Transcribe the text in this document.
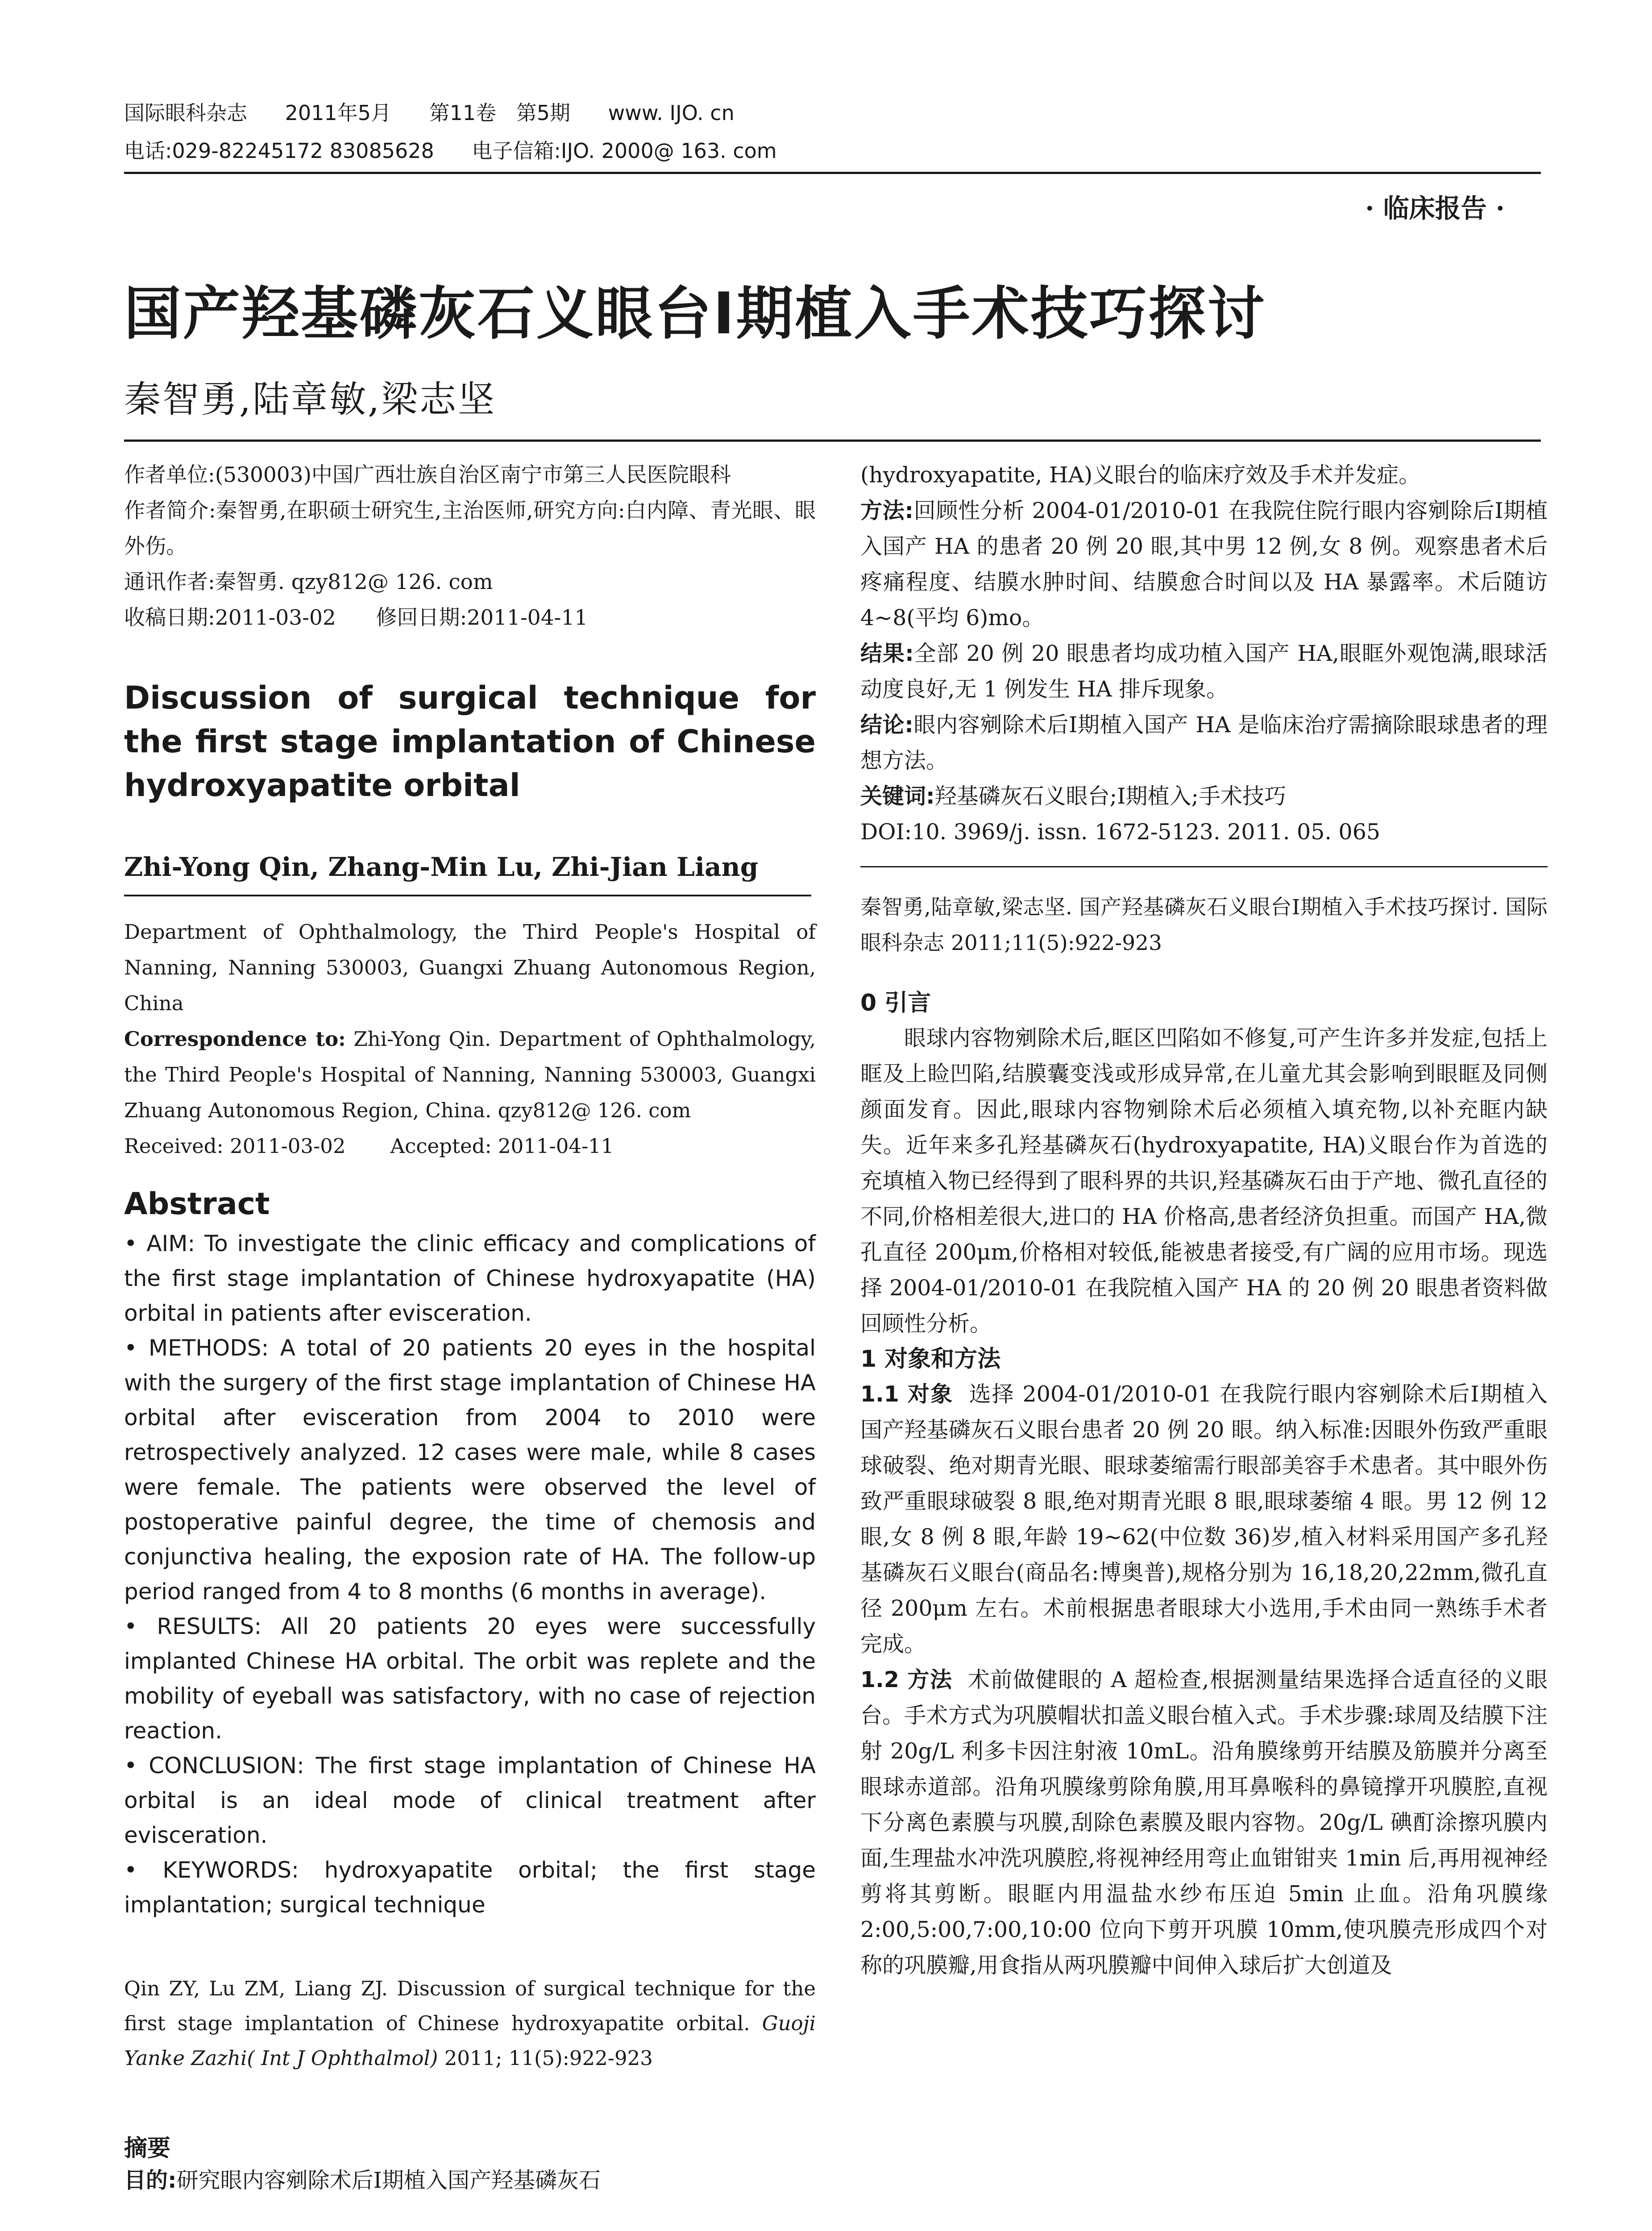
国际眼科杂志 2011年5月 第11卷 第5期 www. IJO. cn
电话:029-82245172 83085628 电子信箱:IJO. 2000@ 163. com
· 临床报告 ·
国产羟基磷灰石义眼台Ⅰ期植入手术技巧探讨
秦智勇,陆章敏,梁志坚

作者单位:(530003)中国广西壮族自治区南宁市第三人民医院眼科

作者简介:秦智勇,在职硕士研究生,主治医师,研究方向:白内障、青光眼、眼外伤。

通讯作者:秦智勇. qzy812@ 126. com

收稿日期:2011-03-02      修回日期:2011-04-11

Discussion of surgical technique for the first stage implantation of Chinese hydroxyapatite orbital

Zhi-Yong Qin, Zhang-Min Lu, Zhi-Jian Liang

Department of Ophthalmology, the Third People's Hospital of Nanning, Nanning 530003, Guangxi Zhuang Autonomous Region, China
Correspondence to: Zhi-Yong Qin. Department of Ophthalmology, the Third People's Hospital of Nanning, Nanning 530003, Guangxi Zhuang Autonomous Region, China. qzy812@ 126. com
Received: 2011-03-02       Accepted: 2011-04-11

Abstract

• AIM: To investigate the clinic efficacy and complications of the first stage implantation of Chinese hydroxyapatite (HA) orbital in patients after evisceration.

• METHODS: A total of 20 patients 20 eyes in the hospital with the surgery of the first stage implantation of Chinese HA orbital after evisceration from 2004 to 2010 were retrospectively analyzed. 12 cases were male, while 8 cases were female. The patients were observed the level of postoperative painful degree, the time of chemosis and conjunctiva healing, the exposion rate of HA. The follow-up period ranged from 4 to 8 months (6 months in average).

• RESULTS: All 20 patients 20 eyes were successfully implanted Chinese HA orbital. The orbit was replete and the mobility of eyeball was satisfactory, with no case of rejection reaction.

• CONCLUSION: The first stage implantation of Chinese HA orbital is an ideal mode of clinical treatment after evisceration.

• KEYWORDS: hydroxyapatite orbital; the first stage implantation; surgical technique

Qin ZY, Lu ZM, Liang ZJ. Discussion of surgical technique for the first stage implantation of Chinese hydroxyapatite orbital. Guoji Yanke Zazhi( Int J Ophthalmol) 2011; 11(5):922-923

摘要

目的:研究眼内容剜除术后Ⅰ期植入国产羟基磷灰石

(hydroxyapatite, HA)义眼台的临床疗效及手术并发症。

方法:回顾性分析 2004-01/2010-01 在我院住院行眼内容剜除后Ⅰ期植入国产 HA 的患者 20 例 20 眼,其中男 12 例,女 8 例。观察患者术后疼痛程度、结膜水肿时间、结膜愈合时间以及 HA 暴露率。术后随访 4~8(平均 6)mo。

结果:全部 20 例 20 眼患者均成功植入国产 HA,眼眶外观饱满,眼球活动度良好,无 1 例发生 HA 排斥现象。

结论:眼内容剜除术后Ⅰ期植入国产 HA 是临床治疗需摘除眼球患者的理想方法。

关键词:羟基磷灰石义眼台;Ⅰ期植入;手术技巧

DOI:10. 3969/j. issn. 1672-5123. 2011. 05. 065

秦智勇,陆章敏,梁志坚. 国产羟基磷灰石义眼台Ⅰ期植入手术技巧探讨. 国际眼科杂志 2011;11(5):922-923

0 引言

眼球内容物剜除术后,眶区凹陷如不修复,可产生许多并发症,包括上眶及上睑凹陷,结膜囊变浅或形成异常,在儿童尤其会影响到眼眶及同侧颜面发育。因此,眼球内容物剜除术后必须植入填充物,以补充眶内缺失。近年来多孔羟基磷灰石(hydroxyapatite, HA)义眼台作为首选的充填植入物已经得到了眼科界的共识,羟基磷灰石由于产地、微孔直径的不同,价格相差很大,进口的 HA 价格高,患者经济负担重。而国产 HA,微孔直径 200μm,价格相对较低,能被患者接受,有广阔的应用市场。现选择 2004-01/2010-01 在我院植入国产 HA 的 20 例 20 眼患者资料做回顾性分析。

1 对象和方法

1.1 对象  选择 2004-01/2010-01 在我院行眼内容剜除术后Ⅰ期植入国产羟基磷灰石义眼台患者 20 例 20 眼。纳入标准:因眼外伤致严重眼球破裂、绝对期青光眼、眼球萎缩需行眼部美容手术患者。其中眼外伤致严重眼球破裂 8 眼,绝对期青光眼 8 眼,眼球萎缩 4 眼。男 12 例 12 眼,女 8 例 8 眼,年龄 19~62(中位数 36)岁,植入材料采用国产多孔羟基磷灰石义眼台(商品名:博奥普),规格分别为 16,18,20,22mm,微孔直径 200μm 左右。术前根据患者眼球大小选用,手术由同一熟练手术者完成。

1.2 方法  术前做健眼的 A 超检查,根据测量结果选择合适直径的义眼台。手术方式为巩膜帽状扣盖义眼台植入式。手术步骤:球周及结膜下注射 20g/L 利多卡因注射液 10mL。沿角膜缘剪开结膜及筋膜并分离至眼球赤道部。沿角巩膜缘剪除角膜,用耳鼻喉科的鼻镜撑开巩膜腔,直视下分离色素膜与巩膜,刮除色素膜及眼内容物。20g/L 碘酊涂擦巩膜内面,生理盐水冲洗巩膜腔,将视神经用弯止血钳钳夹 1min 后,再用视神经剪将其剪断。眼眶内用温盐水纱布压迫 5min 止血。沿角巩膜缘 2:00,5:00,7:00,10:00 位向下剪开巩膜 10mm,使巩膜壳形成四个对称的巩膜瓣,用食指从两巩膜瓣中间伸入球后扩大创道及
